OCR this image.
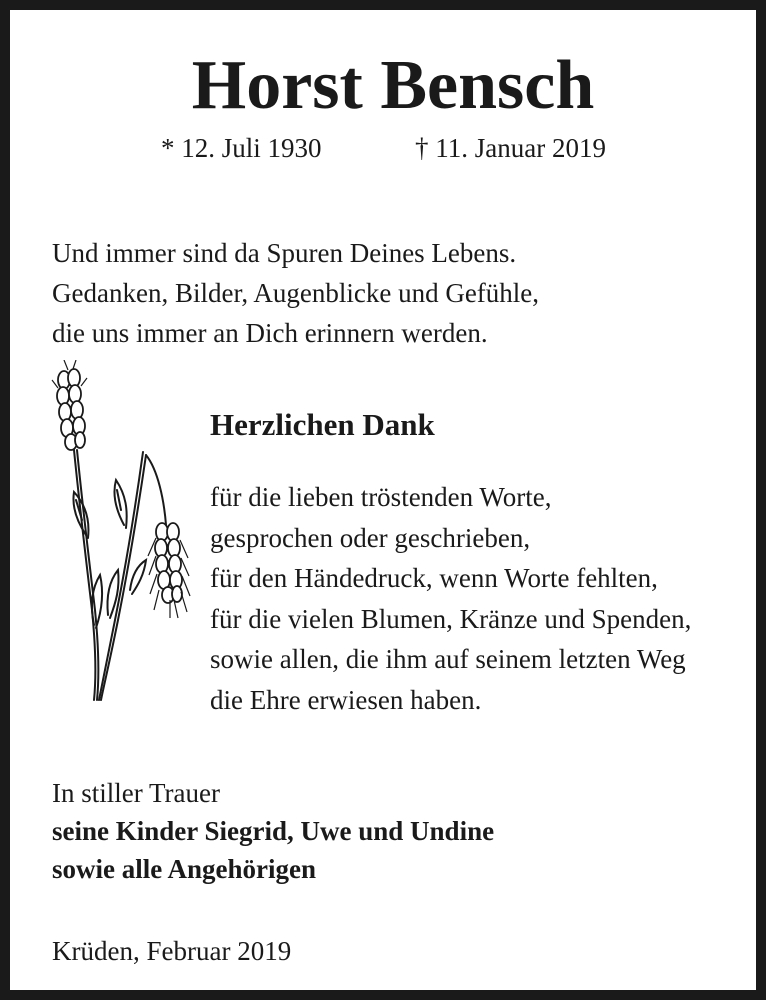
Horst Bensch
* 12. Juli 1930	† 11. Januar 2019
Und immer sind da Spuren Deines Lebens.
Gedanken, Bilder, Augenblicke und Gefühle,
die uns immer an Dich erinnern werden.
Herzlichen Dank
für die lieben tröstenden Worte,
gesprochen oder geschrieben,
für den Händedruck, wenn Worte fehlten,
für die vielen Blumen, Kränze und Spenden,
sowie allen, die ihm auf seinem letzten Weg
die Ehre erwiesen haben.
In stiller Trauer
seine Kinder Siegrid, Uwe und Undine
sowie alle Angehörigen
Krüden, Februar 2019
